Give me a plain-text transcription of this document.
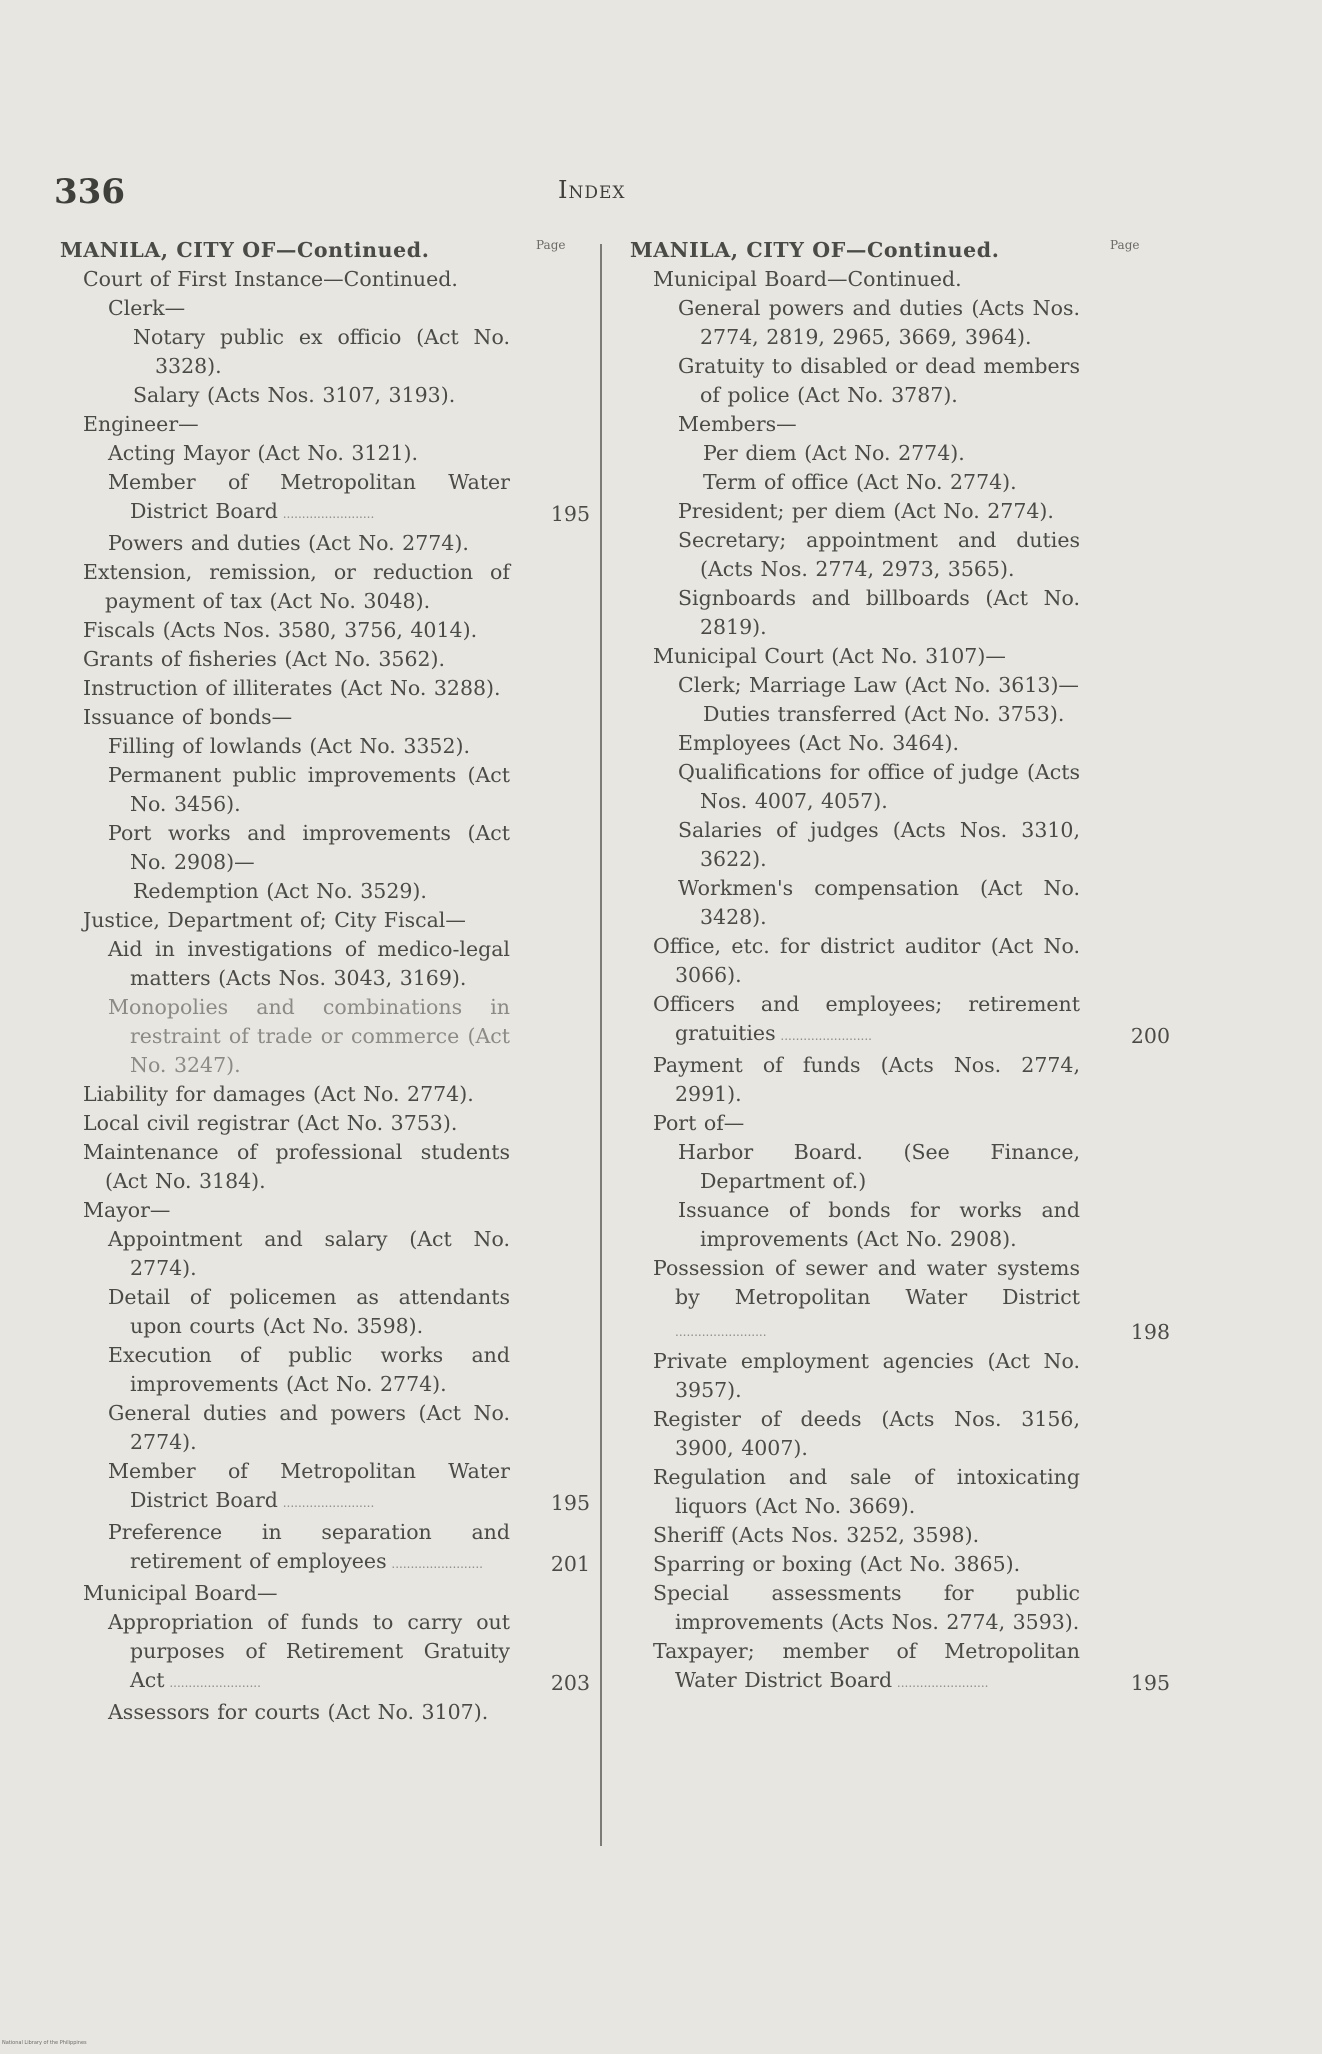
336	Index
MANILA, CITY OF—Continued.	Page
Court of First Instance—Continued.
Clerk—
Notary public ex officio (Act No. 3328).
Salary (Acts Nos. 3107, 3193).
Engineer—
Acting Mayor (Act No. 3121).
Member of Metropolitan Water District Board ........................	195
Powers and duties (Act No. 2774).
Extension, remission, or reduction of payment of tax (Act No. 3048).
Fiscals (Acts Nos. 3580, 3756, 4014).
Grants of fisheries (Act No. 3562).
Instruction of illiterates (Act No. 3288).
Issuance of bonds—
Filling of lowlands (Act No. 3352).
Permanent public improvements (Act No. 3456).
Port works and improvements (Act No. 2908)—
Redemption (Act No. 3529).
Justice, Department of; City Fiscal—
Aid in investigations of medico-legal matters (Acts Nos. 3043, 3169).
Monopolies and combinations in restraint of trade or commerce (Act No. 3247).
Liability for damages (Act No. 2774).
Local civil registrar (Act No. 3753).
Maintenance of professional students (Act No. 3184).
Mayor—
Appointment and salary (Act No. 2774).
Detail of policemen as attendants upon courts (Act No. 3598).
Execution of public works and improvements (Act No. 2774).
General duties and powers (Act No. 2774).
Member of Metropolitan Water District Board ........................	195
Preference in separation and retirement of employees ........................	201
Municipal Board—
Appropriation of funds to carry out purposes of Retirement Gratuity Act ........................	203
Assessors for courts (Act No. 3107).
MANILA, CITY OF—Continued.	Page
Municipal Board—Continued.
General powers and duties (Acts Nos. 2774, 2819, 2965, 3669, 3964).
Gratuity to disabled or dead members of police (Act No. 3787).
Members—
Per diem (Act No. 2774).
Term of office (Act No. 2774).
President; per diem (Act No. 2774).
Secretary; appointment and duties (Acts Nos. 2774, 2973, 3565).
Signboards and billboards (Act No. 2819).
Municipal Court (Act No. 3107)—
Clerk; Marriage Law (Act No. 3613)—
Duties transferred (Act No. 3753).
Employees (Act No. 3464).
Qualifications for office of judge (Acts Nos. 4007, 4057).
Salaries of judges (Acts Nos. 3310, 3622).
Workmen's compensation (Act No. 3428).
Office, etc. for district auditor (Act No. 3066).
Officers and employees; retirement gratuities ........................	200
Payment of funds (Acts Nos. 2774, 2991).
Port of—
Harbor Board. (See Finance, Department of.)
Issuance of bonds for works and improvements (Act No. 2908).
Possession of sewer and water systems by Metropolitan Water District ........................	198
Private employment agencies (Act No. 3957).
Register of deeds (Acts Nos. 3156, 3900, 4007).
Regulation and sale of intoxicating liquors (Act No. 3669).
Sheriff (Acts Nos. 3252, 3598).
Sparring or boxing (Act No. 3865).
Special assessments for public improvements (Acts Nos. 2774, 3593).
Taxpayer; member of Metropolitan Water District Board ........................	195
National Library of the Philippines
